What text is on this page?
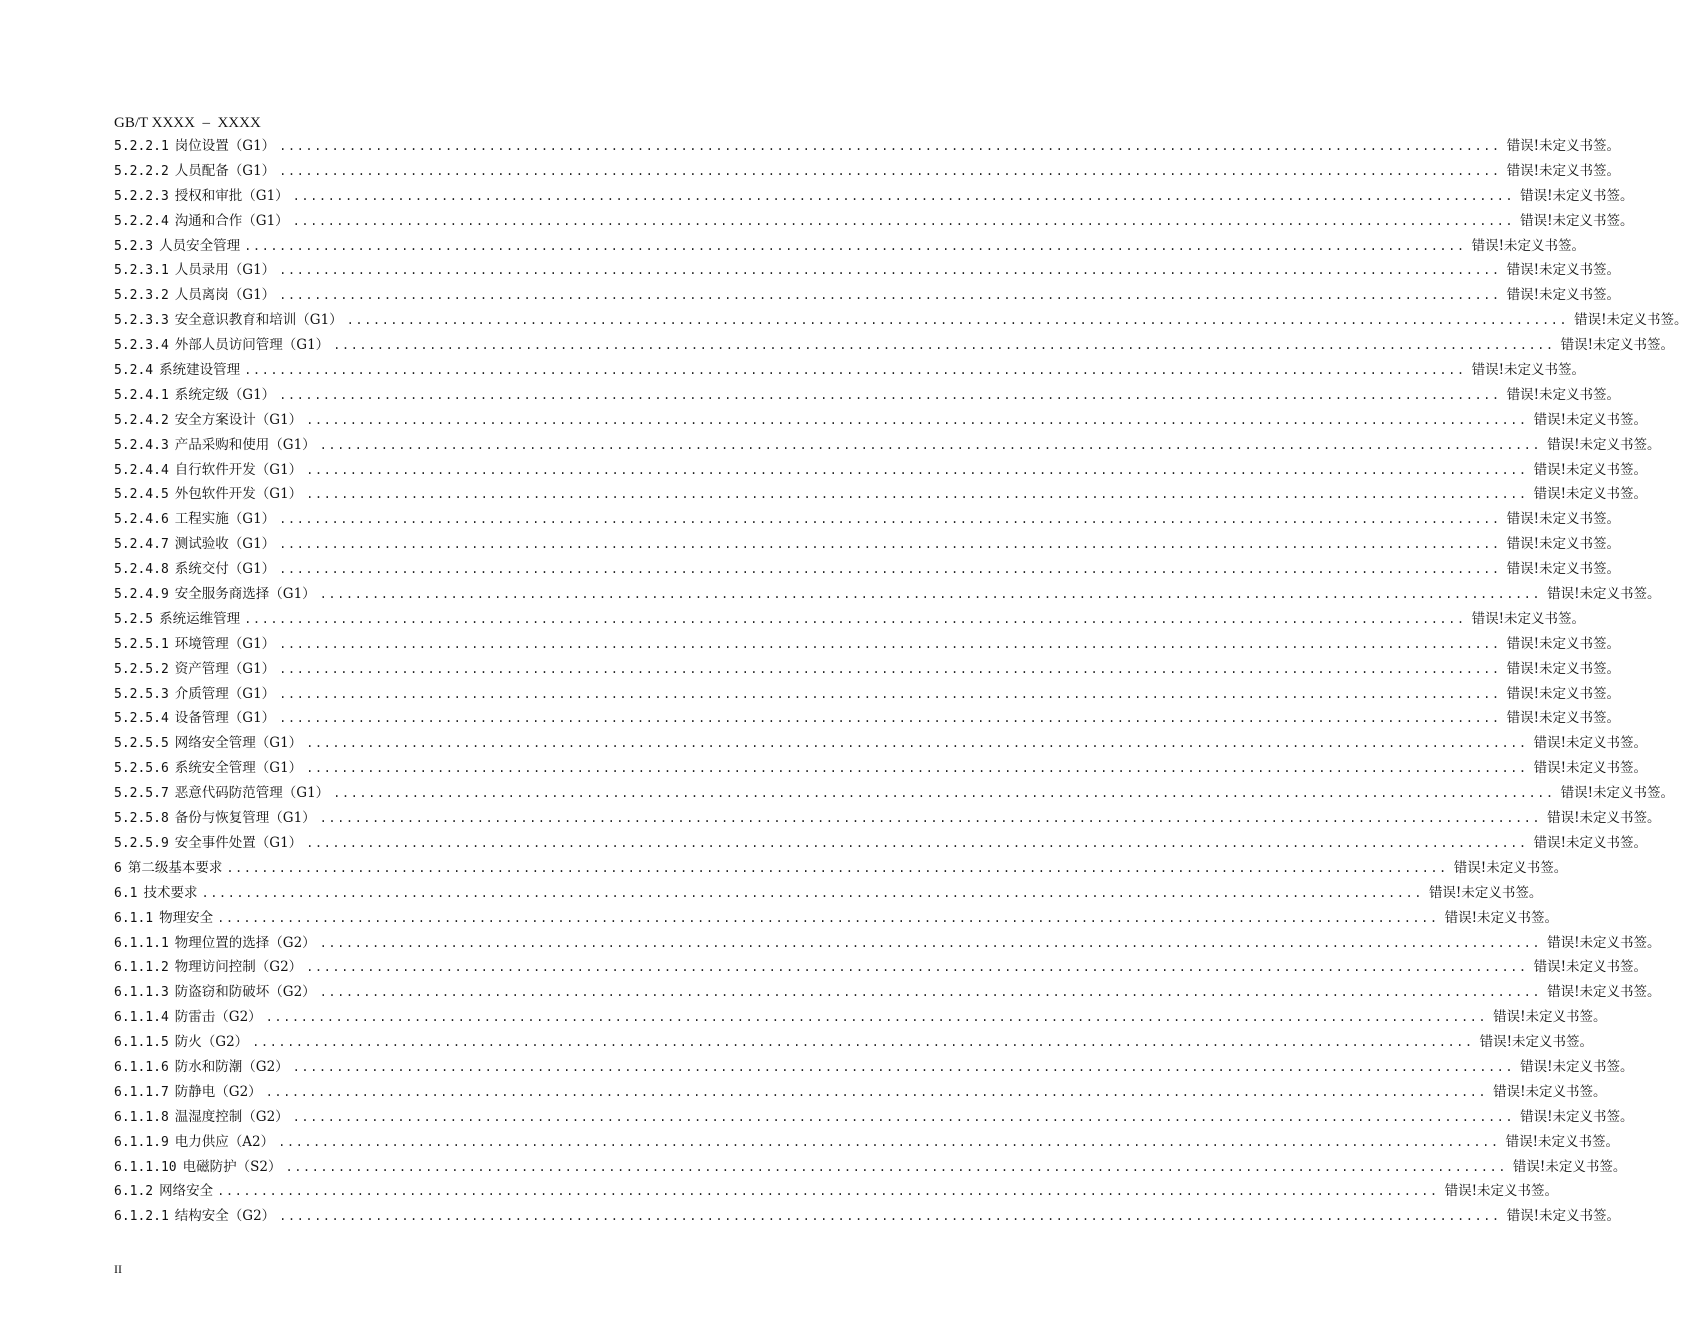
GB/T XXXX  –  XXXX
5.2.2.1 岗位设置（G1） ............................................................................................................................................ 错误!未定义书签。
5.2.2.2 人员配备（G1） ............................................................................................................................................ 错误!未定义书签。
5.2.2.3 授权和审批（G1） ............................................................................................................................................ 错误!未定义书签。
5.2.2.4 沟通和合作（G1） ............................................................................................................................................ 错误!未定义书签。
5.2.3 人员安全管理 ............................................................................................................................................ 错误!未定义书签。
5.2.3.1 人员录用（G1） ............................................................................................................................................ 错误!未定义书签。
5.2.3.2 人员离岗（G1） ............................................................................................................................................ 错误!未定义书签。
5.2.3.3 安全意识教育和培训（G1） ............................................................................................................................................ 错误!未定义书签。
5.2.3.4 外部人员访问管理（G1） ............................................................................................................................................ 错误!未定义书签。
5.2.4 系统建设管理 ............................................................................................................................................ 错误!未定义书签。
5.2.4.1 系统定级（G1） ............................................................................................................................................ 错误!未定义书签。
5.2.4.2 安全方案设计（G1） ............................................................................................................................................ 错误!未定义书签。
5.2.4.3 产品采购和使用（G1） ............................................................................................................................................ 错误!未定义书签。
5.2.4.4 自行软件开发（G1） ............................................................................................................................................ 错误!未定义书签。
5.2.4.5 外包软件开发（G1） ............................................................................................................................................ 错误!未定义书签。
5.2.4.6 工程实施（G1） ............................................................................................................................................ 错误!未定义书签。
5.2.4.7 测试验收（G1） ............................................................................................................................................ 错误!未定义书签。
5.2.4.8 系统交付（G1） ............................................................................................................................................ 错误!未定义书签。
5.2.4.9 安全服务商选择（G1） ............................................................................................................................................ 错误!未定义书签。
5.2.5 系统运维管理 ............................................................................................................................................ 错误!未定义书签。
5.2.5.1 环境管理（G1） ............................................................................................................................................ 错误!未定义书签。
5.2.5.2 资产管理（G1） ............................................................................................................................................ 错误!未定义书签。
5.2.5.3 介质管理（G1） ............................................................................................................................................ 错误!未定义书签。
5.2.5.4 设备管理（G1） ............................................................................................................................................ 错误!未定义书签。
5.2.5.5 网络安全管理（G1） ............................................................................................................................................ 错误!未定义书签。
5.2.5.6 系统安全管理（G1） ............................................................................................................................................ 错误!未定义书签。
5.2.5.7 恶意代码防范管理（G1） ............................................................................................................................................ 错误!未定义书签。
5.2.5.8 备份与恢复管理（G1） ............................................................................................................................................ 错误!未定义书签。
5.2.5.9 安全事件处置（G1） ............................................................................................................................................ 错误!未定义书签。
6 第二级基本要求 ............................................................................................................................................ 错误!未定义书签。
6.1 技术要求 ............................................................................................................................................ 错误!未定义书签。
6.1.1 物理安全 ............................................................................................................................................ 错误!未定义书签。
6.1.1.1 物理位置的选择（G2） ............................................................................................................................................ 错误!未定义书签。
6.1.1.2 物理访问控制（G2） ............................................................................................................................................ 错误!未定义书签。
6.1.1.3 防盗窃和防破坏（G2） ............................................................................................................................................ 错误!未定义书签。
6.1.1.4 防雷击（G2） ............................................................................................................................................ 错误!未定义书签。
6.1.1.5 防火（G2） ............................................................................................................................................ 错误!未定义书签。
6.1.1.6 防水和防潮（G2） ............................................................................................................................................ 错误!未定义书签。
6.1.1.7 防静电（G2） ............................................................................................................................................ 错误!未定义书签。
6.1.1.8 温湿度控制（G2） ............................................................................................................................................ 错误!未定义书签。
6.1.1.9 电力供应（A2） ............................................................................................................................................ 错误!未定义书签。
6.1.1.10 电磁防护（S2） ............................................................................................................................................ 错误!未定义书签。
6.1.2 网络安全 ............................................................................................................................................ 错误!未定义书签。
6.1.2.1 结构安全（G2） ............................................................................................................................................ 错误!未定义书签。
II
